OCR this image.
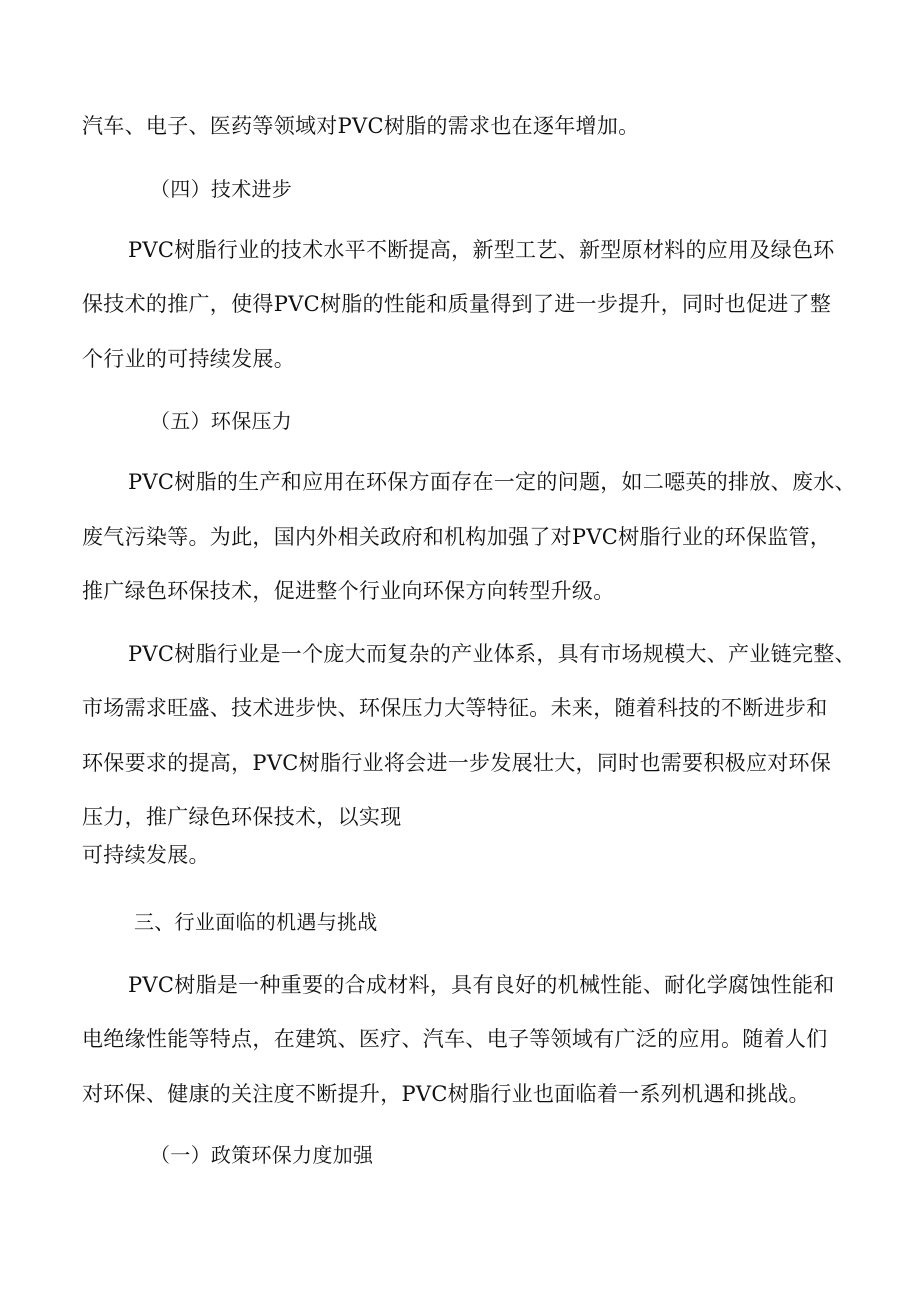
汽车、电子、医药等领域对PVC树脂的需求也在逐年增加。
（四）技术进步
PVC树脂行业的技术水平不断提高，新型工艺、新型原材料的应用及绿色环
保技术的推广，使得PVC树脂的性能和质量得到了进一步提升，同时也促进了整
个行业的可持续发展。
（五）环保压力
PVC树脂的生产和应用在环保方面存在一定的问题，如二噁英的排放、废水、
废气污染等。为此，国内外相关政府和机构加强了对PVC树脂行业的环保监管，
推广绿色环保技术，促进整个行业向环保方向转型升级。
PVC树脂行业是一个庞大而复杂的产业体系，具有市场规模大、产业链完整、
市场需求旺盛、技术进步快、环保压力大等特征。未来，随着科技的不断进步和
环保要求的提高，PVC树脂行业将会进一步发展壮大，同时也需要积极应对环保
压力，推广绿色环保技术，以实现
可持续发展。
三、行业面临的机遇与挑战
PVC树脂是一种重要的合成材料，具有良好的机械性能、耐化学腐蚀性能和
电绝缘性能等特点，在建筑、医疗、汽车、电子等领域有广泛的应用。随着人们
对环保、健康的关注度不断提升，PVC树脂行业也面临着一系列机遇和挑战。
（一）政策环保力度加强
